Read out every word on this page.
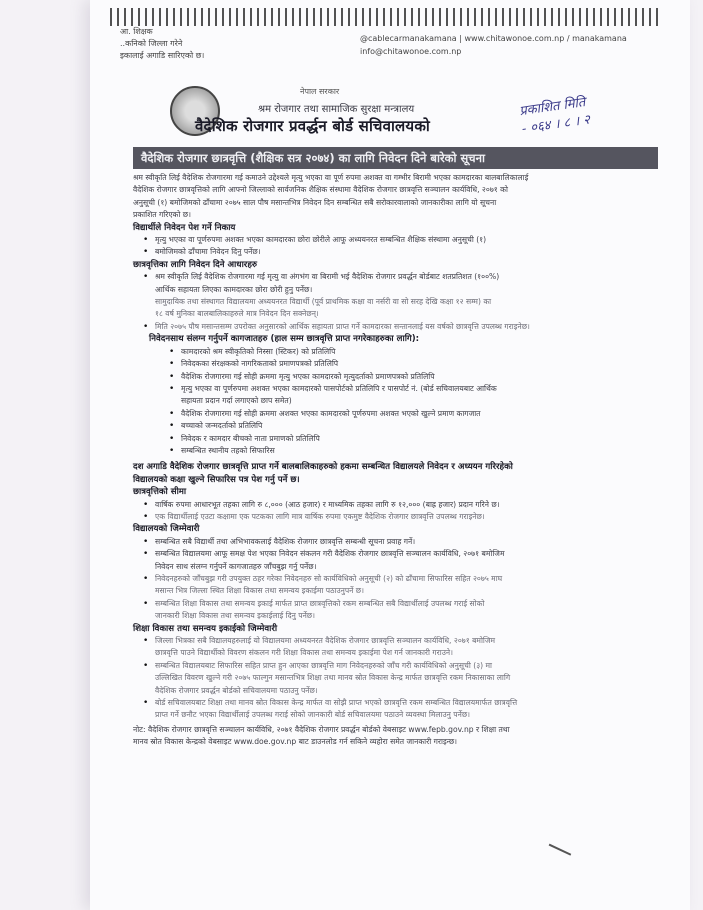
आ. शिक्षक
..कनिको जिल्ला गरेने
इकालाई अगाडि सारिएको छ।
@cablecarmanakamana | www.chitawonoe.com.np / manakamana
info@chitawonoe.com.np
नेपाल सरकार
श्रम रोजगार तथा सामाजिक सुरक्षा मन्त्रालय
वैदेशिक रोजगार प्रवर्द्धन बोर्ड सचिवालयको
प्रकाशित मिति
- ०६४ । ८ । २
वैदेशिक रोजगार छात्रवृत्ति (शैक्षिक सत्र २०७४) का लागि निवेदन दिने बारेको सूचना

श्रम स्वीकृति लिई वैदेशिक रोजगारमा गई कमाउने उद्देश्यले मृत्यु भएका वा पूर्ण रुपमा अशक्त वा गम्भीर बिरामी भएका कामदारका बालबालिकालाई

वैदेशिक रोजगार छात्रवृत्तिको लागि आफ्नो जिल्लाको सार्वजनिक शैक्षिक संस्थामा वैदेशिक रोजगार छात्रवृत्ति सञ्चालन कार्यविधि, २०७१ को

अनुसूची (१) बमोजिमको ढाँचामा २०७५ साल पौष मसान्तभित्र निवेदन दिन सम्बन्धित सबै सरोकारवालाको जानकारीका लागि यो सूचना

प्रकाशित गरिएको छ।

विद्यार्थीले निवेदन पेश गर्ने निकाय

• मृत्यु भएका वा पूर्णरुपमा अशक्त भएका कामदारका छोरा छोरीले आफू अध्ययनरत सम्बन्धित शैक्षिक संस्थामा अनुसूची (१)

• बमोजिमको ढाँचामा निवेदन दिनु पर्नेछ।

छात्रवृत्तिका लागि निवेदन दिने आधारहरु

• श्रम स्वीकृति लिई वैदेशिक रोजगारमा गई मृत्यु वा अंगभंग वा बिरामी भई वैदेशिक रोजगार प्रवर्द्धन बोर्डबाट शतप्रतिशत (१००%)

आर्थिक सहायता लिएका कामदारका छोरा छोरी हुनु पर्नेछ।

सामुदायिक तथा संस्थागत विद्यालयमा अध्ययनरत विद्यार्थी (पूर्व प्राथमिक कक्षा वा नर्सरी वा सो सरह देखि कक्षा १२ सम्म) का

१८ वर्ष मुनिका बालबालिकाहरुले मात्र निवेदन दिन सक्नेछन्।

• मिति २०७५ पौष मसान्तसम्म उपरोक्त अनुसारको आर्थिक सहायता प्राप्त गर्ने कामदारका सन्तानलाई यस वर्षको छात्रवृत्ति उपलब्ध गराइनेछ।

निवेदनसाथ संलग्न गर्नुपर्ने कागजातहरु (हाल सम्म छात्रवृत्ति प्राप्त नगरेकाहरुका लागि):

• कामदारको श्रम स्वीकृतिको निस्सा (स्टिकर) को प्रतिलिपि

• निवेदकका संरक्षकको नागरिकताको प्रमाणपत्रको प्रतिलिपि

• वैदेशिक रोजगारमा गई सोही क्रममा मृत्यु भएका कामदारको मृत्युदर्ताको प्रमाणपत्रको प्रतिलिपि

• मृत्यु भएका वा पूर्णरुपमा अशक्त भएका कामदारको पासपोर्टको प्रतिलिपि र पासपोर्ट नं. (बोर्ड सचिवालयबाट आर्थिक

सहायता प्रदान गर्दा लगाएको छाप समेत)

• वैदेशिक रोजगारमा गई सोही क्रममा अशक्त भएका कामदारको पूर्णरुपमा अशक्त भएको खुल्ने प्रमाण कागजात

• बच्चाको जन्मदर्ताको प्रतिलिपि

• निवेदक र कामदार बीचको नाता प्रमाणको प्रतिलिपि

• सम्बन्धित स्थानीय तहको सिफारिस

दश अगाडि वैदेशिक रोजगार छात्रवृत्ति प्राप्त गर्ने बालबालिकाहरुको हकमा सम्बन्धित विद्यालयले निवेदन र अध्ययन गरिरहेको

विद्यालयको कक्षा खुल्ने सिफारिस पत्र पेश गर्नु पर्ने छ।

छात्रवृत्तिको सीमा

• वार्षिक रुपमा आधारभूत तहका लागि रु ८,००० (आठ हजार) र माध्यमिक तहका लागि रु १२,००० (बाह्र हजार) प्रदान गरिने छ।

• एक विद्यार्थीलाई एउटा कक्षामा एक पटकका लागि मात्र वार्षिक रुपमा एकमुष्ट वैदेशिक रोजगार छात्रवृत्ति उपलब्ध गराइनेछ।

विद्यालयको जिम्मेवारी

• सम्बन्धित सबै विद्यार्थी तथा अभिभावकलाई वैदेशिक रोजगार छात्रवृत्ति सम्बन्धी सूचना प्रवाह गर्ने।

• सम्बन्धित विद्यालयमा आफू समक्ष पेश भएका निवेदन संकलन गरी वैदेशिक रोजगार छात्रवृत्ति सञ्चालन कार्यविधि, २०७१ बमोजिम

निवेदन साथ संलग्न गर्नुपर्ने कागजातहरु जाँचबुझ गर्नु पर्नेछ।

• निवेदनहरुको जाँचबुझ गरी उपयुक्त ठहर गरेका निवेदनहरु सो कार्यविधिको अनुसूची (२) को ढाँचामा सिफारिस सहित २०७५ माघ

मसान्त भित्र जिल्ला स्थित शिक्षा विकास तथा समन्वय इकाईमा पठाउनुपर्ने छ।

• सम्बन्धित शिक्षा विकास तथा समन्वय इकाई मार्फत प्राप्त छात्रवृत्तिको रकम सम्बन्धित सबै विद्यार्थीलाई उपलब्ध गराई सोको

जानकारी शिक्षा विकास तथा समन्वय इकाईलाई दिनु पर्नेछ।

शिक्षा विकास तथा समन्वय इकाईको जिम्मेवारी

• जिल्ला भित्रका सबै विद्यालयहरुलाई यो विद्यालयमा अध्ययनरत वैदेशिक रोजगार छात्रवृत्ति सञ्चालन कार्यविधि, २०७१ बमोजिम

छात्रवृत्ति पाउने विद्यार्थीको विवरण संकलन गरी शिक्षा विकास तथा समन्वय इकाईमा पेश गर्न जानकारी गराउने।

• सम्बन्धित विद्यालयबाट सिफारिस सहित प्राप्त हुन आएका छात्रवृत्ति माग निवेदनहरुको जाँच गरी कार्यविधिको अनुसूची (३) मा

उल्लिखित विवरण खुल्ने गरी २०७५ फाल्गुन मसान्तभित्र शिक्षा तथा मानव स्रोत विकास केन्द्र मार्फत छात्रवृत्ति रकम निकासाका लागि

वैदेशिक रोजगार प्रवर्द्धन बोर्डको सचिवालयमा पठाउनु पर्नेछ।

• बोर्ड सचिवालयबाट शिक्षा तथा मानव स्रोत विकास केन्द्र मार्फत वा सोझै प्राप्त भएको छात्रवृत्ति रकम सम्बन्धित विद्यालयमार्फत छात्रवृत्ति

प्राप्त गर्ने छनौट भएका विद्यार्थीलाई उपलब्ध गराई सोको जानकारी बोर्ड सचिवालयमा पठाउने व्यवस्था मिलाउनु पर्नेछ।

नोट: वैदेशिक रोजगार छात्रवृत्ति सञ्चालन कार्यविधि, २०७१ वैदेशिक रोजगार प्रवर्द्धन बोर्डको वेबसाइट www.fepb.gov.np र शिक्षा तथा

मानव स्रोत विकास केन्द्रको वेबसाइट www.doe.gov.np बाट डाउनलोड गर्न सकिने व्यहोरा समेत जानकारी गराइन्छ।
